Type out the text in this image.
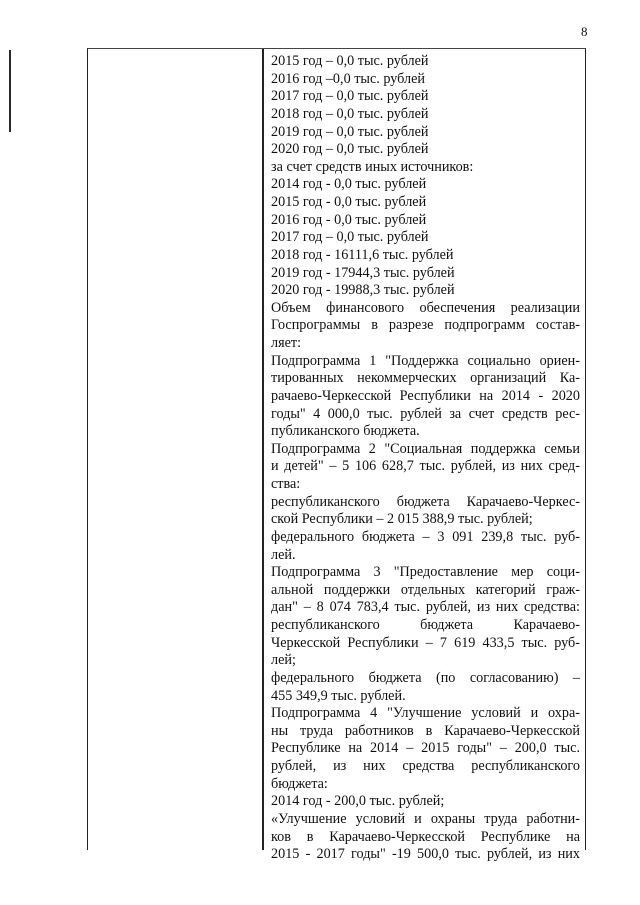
8
2015 год – 0,0 тыс. рублей
2016 год –0,0 тыс. рублей
2017 год – 0,0 тыс. рублей
2018 год – 0,0 тыс. рублей
2019 год – 0,0 тыс. рублей
2020 год – 0,0 тыс. рублей
за счет средств иных источников:
2014 год - 0,0 тыс. рублей
2015 год - 0,0 тыс. рублей
2016 год - 0,0 тыс. рублей
2017 год – 0,0 тыс. рублей
2018 год - 16111,6 тыс. рублей
2019 год - 17944,3 тыс. рублей
2020 год - 19988,3 тыс. рублей
Объем финансового обеспечения реализации
Госпрограммы в разрезе подпрограмм состав-
ляет:
Подпрограмма 1 "Поддержка социально ориен-
тированных некоммерческих организаций Ка-
рачаево-Черкесской Республики на 2014 - 2020
годы" 4 000,0 тыс. рублей за счет средств рес-
публиканского бюджета.
Подпрограмма 2 "Социальная поддержка семьи
и детей" – 5 106 628,7 тыс. рублей, из них сред-
ства:
республиканского бюджета Карачаево-Черкес-
ской Республики – 2 015 388,9 тыс. рублей;
федерального бюджета – 3 091 239,8 тыс. руб-
лей.
Подпрограмма 3 "Предоставление мер соци-
альной поддержки отдельных категорий граж-
дан" – 8 074 783,4 тыс. рублей, из них средства:
республиканского бюджета Карачаево-
Черкесской Республики – 7 619 433,5 тыс. руб-
лей;
федерального бюджета (по согласованию) –
455 349,9 тыс. рублей.
Подпрограмма 4 "Улучшение условий и охра-
ны труда работников в Карачаево-Черкесской
Республике на 2014 – 2015 годы" – 200,0 тыс.
рублей, из них средства республиканского
бюджета:
2014 год - 200,0 тыс. рублей;
«Улучшение условий и охраны труда работни-
ков в Карачаево-Черкесской Республике на
2015 - 2017 годы" -19 500,0 тыс. рублей, из них
